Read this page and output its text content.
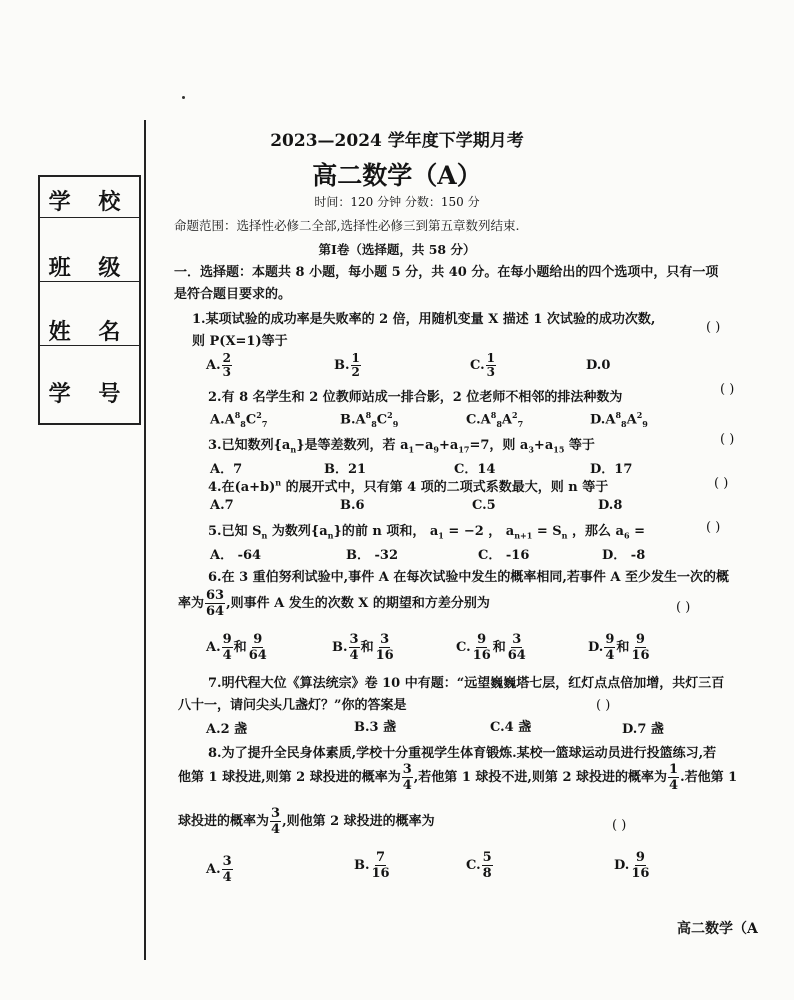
学 校
班 级
姓 名
学 号
2023—2024 学年度下学期月考
高二数学（A）
时间：120 分钟 分数：150 分
命题范围：选择性必修二全部,选择性必修三到第五章数列结束.
第Ⅰ卷（选择题，共 58 分）
一．选择题：本题共 8 小题，每小题 5 分，共 40 分。在每小题给出的四个选项中，只有一项
是符合题目要求的。
1.某项试验的成功率是失败率的 2 倍，用随机变量 X 描述 1 次试验的成功次数,
则 P(X=1)等于
( )
A. $\frac{2}{3}$	B. $\frac{1}{2}$	C. $\frac{1}{3}$	D.0
2.有 8 名学生和 2 位教师站成一排合影，2 位老师不相邻的排法种数为
( )
$A.A^8_8C^2_7$	$B.A^8_8C^2_9$	$C.A^8_8A^2_7$	$D.A^8_8A^2_9$
3.已知数列$\{a_n\}$是等差数列，若 $a_1-a_9+a_{17}=7$，则 $a_3+a_{15}$ 等于	( )
A．7	B．21	C．14	D．17
4.在$(a+b)^n$ 的展开式中，只有第 4 项的二项式系数最大，则 n 等于	( )
A.7	B.6	C.5	D.8
5.已知 $S_n$ 为数列$\{a_n\}$的前 n 项和， $a_1 = -2$ ， $a_{n+1} = S_n$ ，那么 $a_6$ =	( )
A． -64	B． -32	C． -16	D． -8
6.在 3 重伯努利试验中,事件 A 在每次试验中发生的概率相同,若事件 A 至少发生一次的概
率为 $\frac{63}{64}$ ,则事件 A 发生的次数 X 的期望和方差分别为	( )
A. $\frac{9}{4}$ 和 $\frac{9}{64}$	B. $\frac{3}{4}$ 和 $\frac{3}{16}$	C. $\frac{9}{16}$ 和 $\frac{3}{64}$	D. $\frac{9}{4}$ 和 $\frac{9}{16}$
7.明代程大位《算法统宗》卷 10 中有题：“远望巍巍塔七层，红灯点点倍加增，共灯三百
八十一，请问尖头几盏灯？”你的答案是	( )
A.2 盏	B.3 盏	C.4 盏	D.7 盏
8.为了提升全民身体素质,学校十分重视学生体育锻炼.某校一篮球运动员进行投篮练习,若
他第 1 球投进,则第 2 球投进的概率为 $\frac{3}{4}$ ,若他第 1 球投不进,则第 2 球投进的概率为 $\frac{1}{4}$ .若他第 1
球投进的概率为 $\frac{3}{4}$ ,则他第 2 球投进的概率为	( )
A. $\frac{3}{4}$	B. $\frac{7}{16}$	C. $\frac{5}{8}$	D. $\frac{9}{16}$
高二数学（A
